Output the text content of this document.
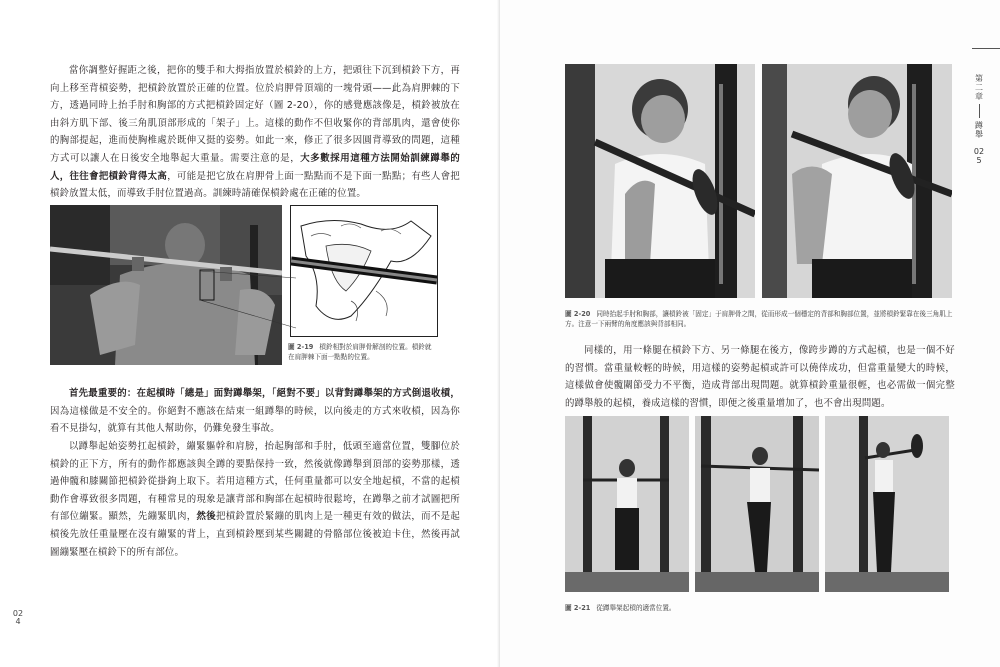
當你調整好握距之後，把你的雙手和大拇指放置於槓鈴的上方，把頭往下沉到槓鈴下方，再向上移至背槓姿勢，把槓鈴放置於正確的位置。位於肩胛骨頂端的一塊骨頭——此為肩胛棘的下方，透過同時上抬手肘和胸部的方式把槓鈴固定好（圖 2-20），你的感覺應該像是，槓鈴被放在由斜方肌下部、後三角肌頂部形成的「架子」上。這樣的動作不但收緊你的背部肌肉，還會使你的胸部提起，進而使胸椎處於既伸又挺的姿勢。如此一來，修正了很多因圓背導致的問題，這種方式可以讓人在日後安全地舉起大重量。需要注意的是，大多數採用這種方法開始訓練蹲舉的人，往往會把槓鈴背得太高，可能是把它放在肩胛骨上面一點點而不是下面一點點；有些人會把槓鈴放置太低，而導致手肘位置過高。訓練時請確保槓鈴處在正確的位置。

圖 2-19 槓鈴相對於肩胛骨解剖的位置。槓鈴就在肩胛棘下面一點點的位置。

首先最重要的：在起槓時「總是」面對蹲舉架，「絕對不要」以背對蹲舉架的方式倒退收槓，因為這樣做是不安全的。你絕對不應該在結束一組蹲舉的時候，以向後走的方式來收槓，因為你看不見掛勾，就算有其他人幫助你，仍難免發生事故。

以蹲舉起始姿勢扛起槓鈴，繃緊軀幹和肩膀，抬起胸部和手肘，低頭至適當位置，雙腳位於槓鈴的正下方，所有的動作都應該與全蹲的要點保持一致，然後就像蹲舉到頂部的姿勢那樣，透過伸髖和膝關節把槓鈴從掛鉤上取下。若用這種方式，任何重量都可以安全地起槓，不當的起槓動作會導致很多問題，有種常見的現象是讓背部和胸部在起槓時很鬆垮，在蹲舉之前才試圖把所有部位繃緊。顯然，先繃緊肌肉，然後把槓鈴置於緊繃的肌肉上是一種更有效的做法，而不是起槓後先放任重量壓在沒有繃緊的背上，直到槓鈴壓到某些關鍵的骨骼部位後被迫卡住，然後再試圖繃緊壓在槓鈴下的所有部位。

024
圖 2-20 同時抬起手肘和胸部，讓槓鈴被「固定」于肩胛骨之間，從而形成一個穩定的背部和胸部位置，並將槓鈴緊靠在後三角肌上方。注意一下兩臂的角度應該與背部相同。

同樣的，用一條腿在槓鈴下方、另一條腿在後方，像跨步蹲的方式起槓，也是一個不好的習慣。當重量較輕的時候，用這樣的姿勢起槓或許可以僥倖成功，但當重量變大的時候，這樣做會使髖關節受力不平衡，造成背部出現問題。就算槓鈴重量很輕，也必需做一個完整的蹲舉般的起槓，養成這樣的習慣，即便之後重量增加了，也不會出現問題。

圖 2-21 從蹲舉架起槓的適當位置。
第二章
蹲舉
025
